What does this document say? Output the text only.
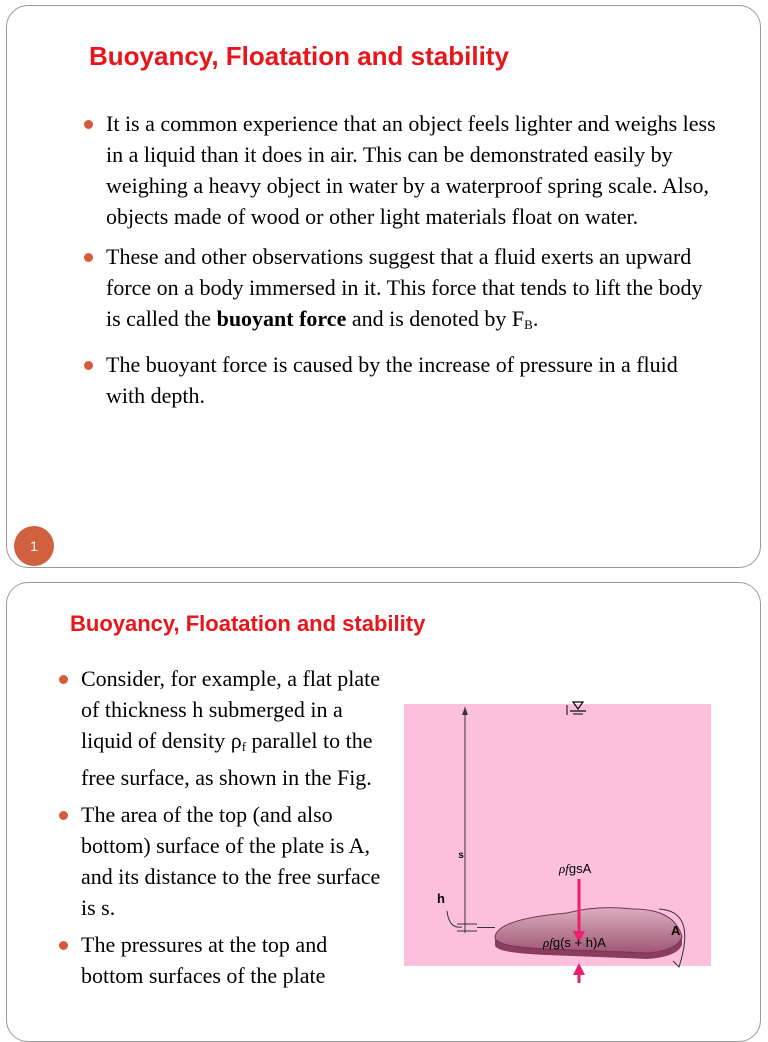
Buoyancy, Floatation and stability
It is a common experience that an object feels lighter and weighs less in a liquid than it does in air. This can be demonstrated easily by weighing a heavy object in water by a waterproof spring scale. Also, objects made of wood or other light materials float on water.
These and other observations suggest that a fluid exerts an upward force on a body immersed in it. This force that tends to lift the body is called the buoyant force and is denoted by $F_B$.
The buoyant force is caused by the increase of pressure in a fluid with depth.
1
Buoyancy, Floatation and stability
Consider, for example, a flat plate of thickness h submerged in a liquid of density $\rho_f$ parallel to the free surface, as shown in the Fig.
The area of the top (and also bottom) surface of the plate is A, and its distance to the free surface is s.
The pressures at the top and bottom surfaces of the plate
s
h
A
ρfgsA
ρfg(s + h)A
